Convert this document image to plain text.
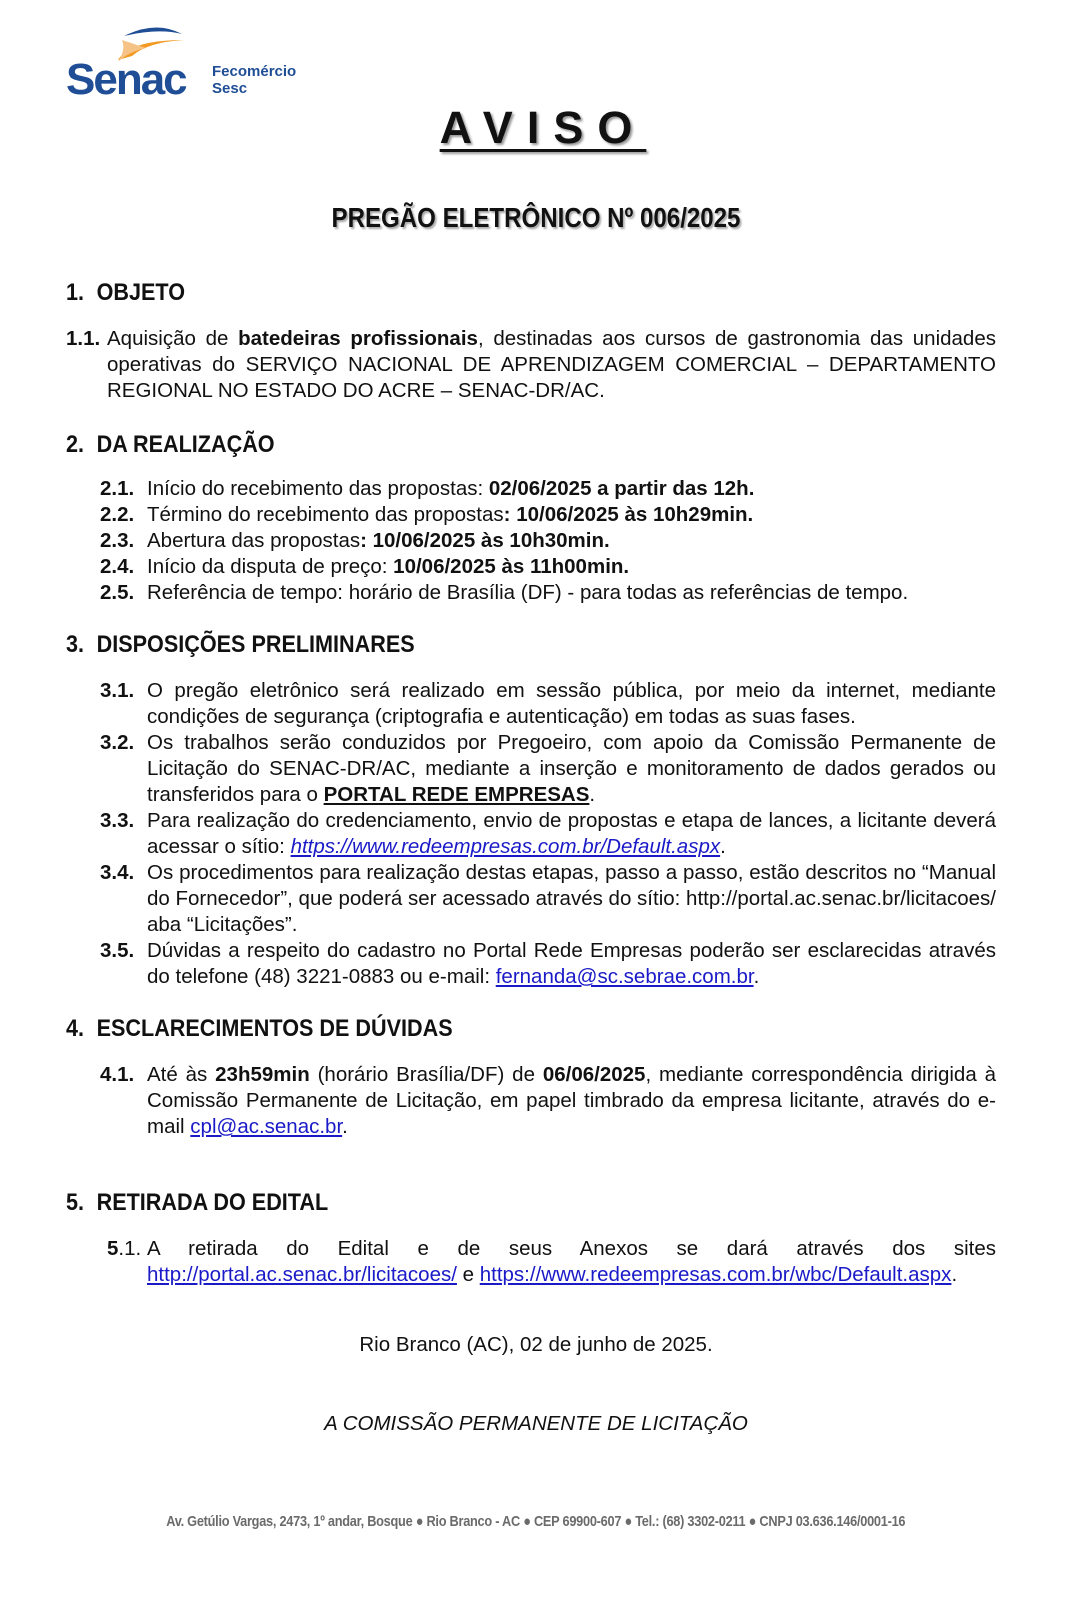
Senac Fecomércio
Sesc
AVISO
PREGÃO ELETRÔNICO Nº 006/2025
1. OBJETO
1.1. Aquisição de batedeiras profissionais, destinadas aos cursos de gastronomia das unidades operativas do SERVIÇO NACIONAL DE APRENDIZAGEM COMERCIAL – DEPARTAMENTO REGIONAL NO ESTADO DO ACRE – SENAC-DR/AC.
2. DA REALIZAÇÃO
2.1. Início do recebimento das propostas: 02/06/2025 a partir das 12h.
2.2. Término do recebimento das propostas: 10/06/2025 às 10h29min.
2.3. Abertura das propostas: 10/06/2025 às 10h30min.
2.4. Início da disputa de preço: 10/06/2025 às 11h00min.
2.5. Referência de tempo: horário de Brasília (DF) - para todas as referências de tempo.
3. DISPOSIÇÕES PRELIMINARES
3.1. O pregão eletrônico será realizado em sessão pública, por meio da internet, mediante condições de segurança (criptografia e autenticação) em todas as suas fases.
3.2. Os trabalhos serão conduzidos por Pregoeiro, com apoio da Comissão Permanente de Licitação do SENAC-DR/AC, mediante a inserção e monitoramento de dados gerados ou transferidos para o PORTAL REDE EMPRESAS.
3.3. Para realização do credenciamento, envio de propostas e etapa de lances, a licitante deverá acessar o sítio: https://www.redeempresas.com.br/Default.aspx.
3.4. Os procedimentos para realização destas etapas, passo a passo, estão descritos no “Manual do Fornecedor”, que poderá ser acessado através do sítio: http://portal.ac.senac.br/licitacoes/ aba “Licitações”.
3.5. Dúvidas a respeito do cadastro no Portal Rede Empresas poderão ser esclarecidas através do telefone (48) 3221-0883 ou e-mail: fernanda@sc.sebrae.com.br.
4. ESCLARECIMENTOS DE DÚVIDAS
4.1. Até às 23h59min (horário Brasília/DF) de 06/06/2025, mediante correspondência dirigida à Comissão Permanente de Licitação, em papel timbrado da empresa licitante, através do e-mail cpl@ac.senac.br.
5. RETIRADA DO EDITAL
5.1. A retirada do Edital e de seus Anexos se dará através dos sites http://portal.ac.senac.br/licitacoes/ e https://www.redeempresas.com.br/wbc/Default.aspx.
Rio Branco (AC), 02 de junho de 2025.
A COMISSÃO PERMANENTE DE LICITAÇÃO
Av. Getúlio Vargas, 2473, 1º andar, Bosque ● Rio Branco - AC ● CEP 69900-607 ● Tel.: (68) 3302-0211 ● CNPJ 03.636.146/0001-16
